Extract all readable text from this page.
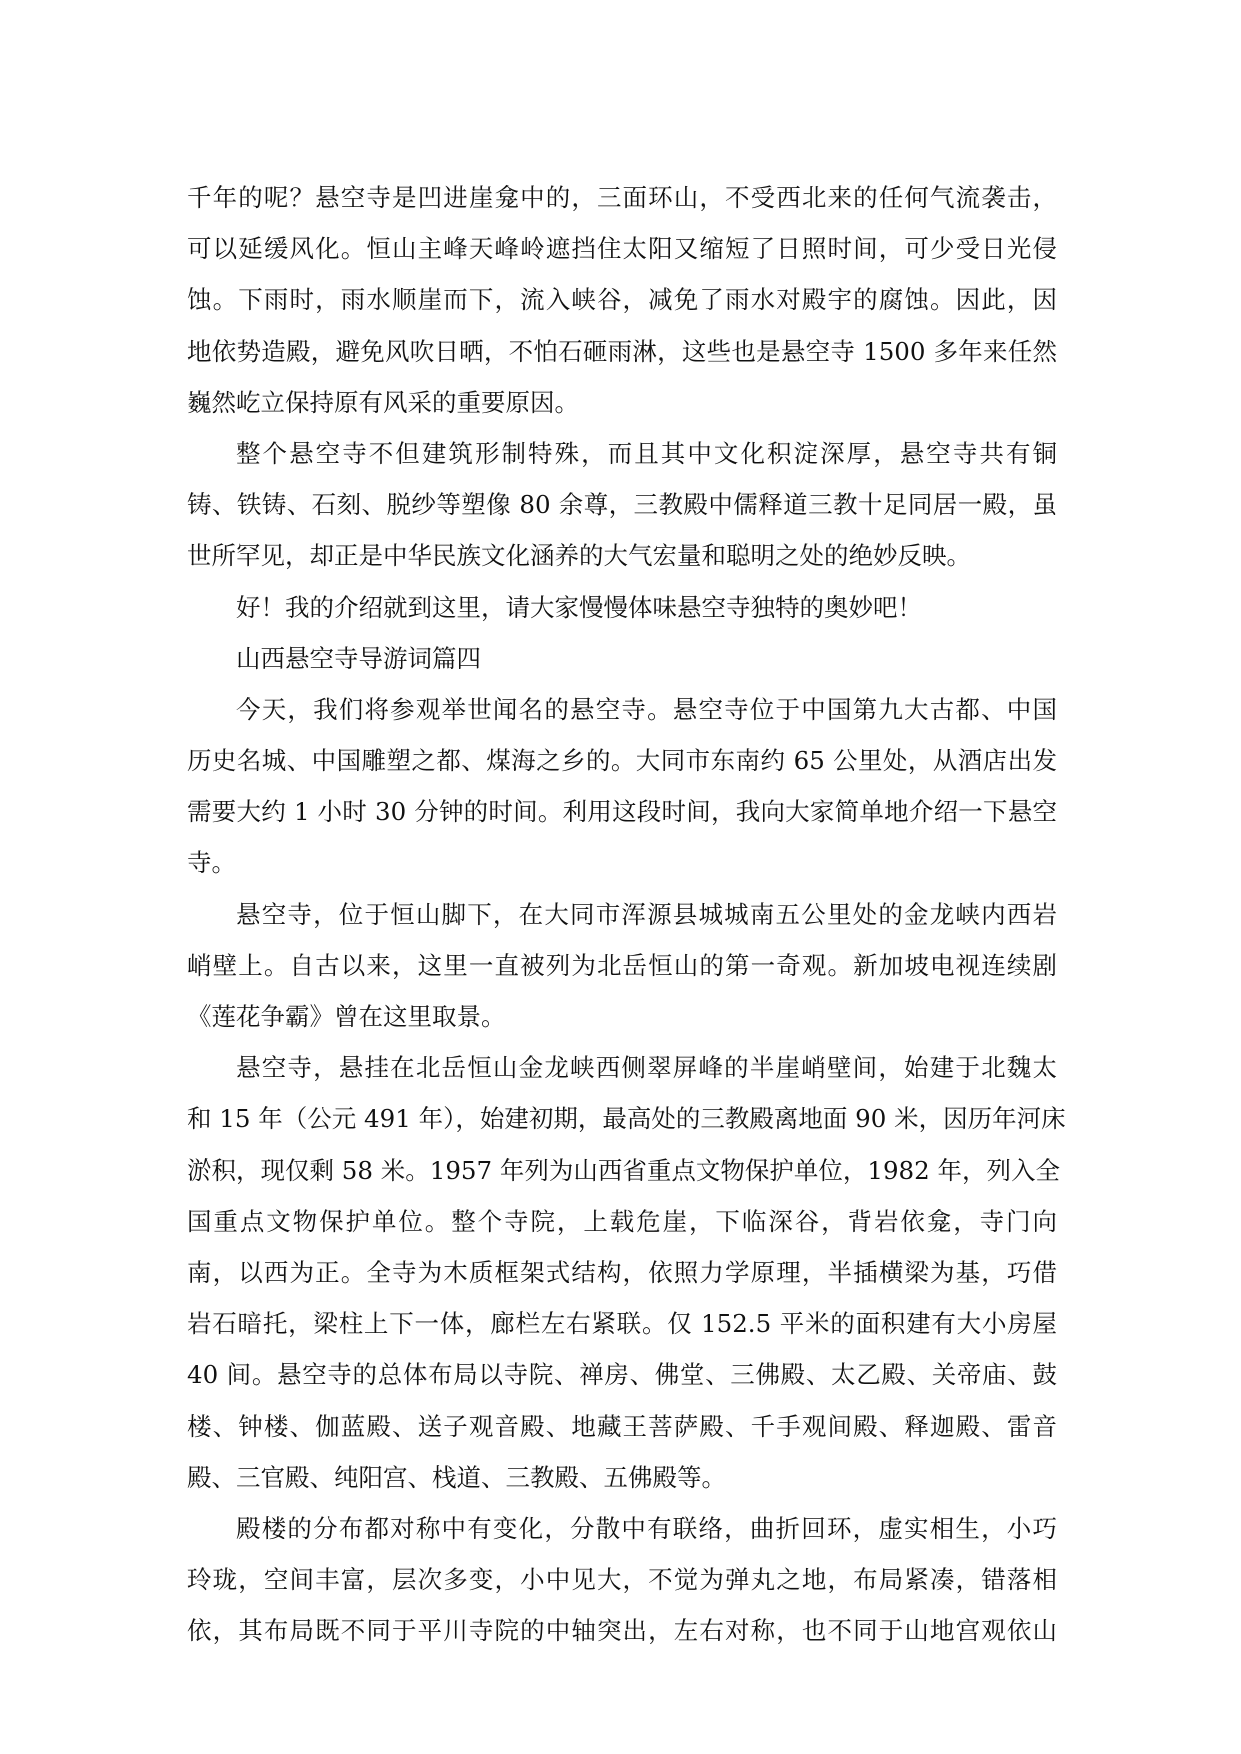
千年的呢？悬空寺是凹进崖龛中的，三面环山，不受西北来的任何气流袭击，
可以延缓风化。恒山主峰天峰岭遮挡住太阳又缩短了日照时间，可少受日光侵
蚀。下雨时，雨水顺崖而下，流入峡谷，减免了雨水对殿宇的腐蚀。因此，因
地依势造殿，避免风吹日晒，不怕石砸雨淋，这些也是悬空寺 1500 多年来任然
巍然屹立保持原有风采的重要原因。
整个悬空寺不但建筑形制特殊，而且其中文化积淀深厚，悬空寺共有铜
铸、铁铸、石刻、脱纱等塑像 80 余尊，三教殿中儒释道三教十足同居一殿，虽
世所罕见，却正是中华民族文化涵养的大气宏量和聪明之处的绝妙反映。
好！我的介绍就到这里，请大家慢慢体味悬空寺独特的奥妙吧！
山西悬空寺导游词篇四
今天，我们将参观举世闻名的悬空寺。悬空寺位于中国第九大古都、中国
历史名城、中国雕塑之都、煤海之乡的。大同市东南约 65 公里处，从酒店出发
需要大约 1 小时 30 分钟的时间。利用这段时间，我向大家简单地介绍一下悬空
寺。
悬空寺，位于恒山脚下，在大同市浑源县城城南五公里处的金龙峡内西岩
峭壁上。自古以来，这里一直被列为北岳恒山的第一奇观。新加坡电视连续剧
《莲花争霸》曾在这里取景。
悬空寺，悬挂在北岳恒山金龙峡西侧翠屏峰的半崖峭壁间，始建于北魏太
和 15 年（公元 491 年），始建初期，最高处的三教殿离地面 90 米，因历年河床
淤积，现仅剩 58 米。1957 年列为山西省重点文物保护单位，1982 年，列入全
国重点文物保护单位。整个寺院，上载危崖，下临深谷，背岩依龛，寺门向
南，以西为正。全寺为木质框架式结构，依照力学原理，半插横梁为基，巧借
岩石暗托，梁柱上下一体，廊栏左右紧联。仅 152.5 平米的面积建有大小房屋
40 间。悬空寺的总体布局以寺院、禅房、佛堂、三佛殿、太乙殿、关帝庙、鼓
楼、钟楼、伽蓝殿、送子观音殿、地藏王菩萨殿、千手观间殿、释迦殿、雷音
殿、三官殿、纯阳宫、栈道、三教殿、五佛殿等。
殿楼的分布都对称中有变化，分散中有联络，曲折回环，虚实相生，小巧
玲珑，空间丰富，层次多变，小中见大，不觉为弹丸之地，布局紧凑，错落相
依，其布局既不同于平川寺院的中轴突出，左右对称，也不同于山地宫观依山
